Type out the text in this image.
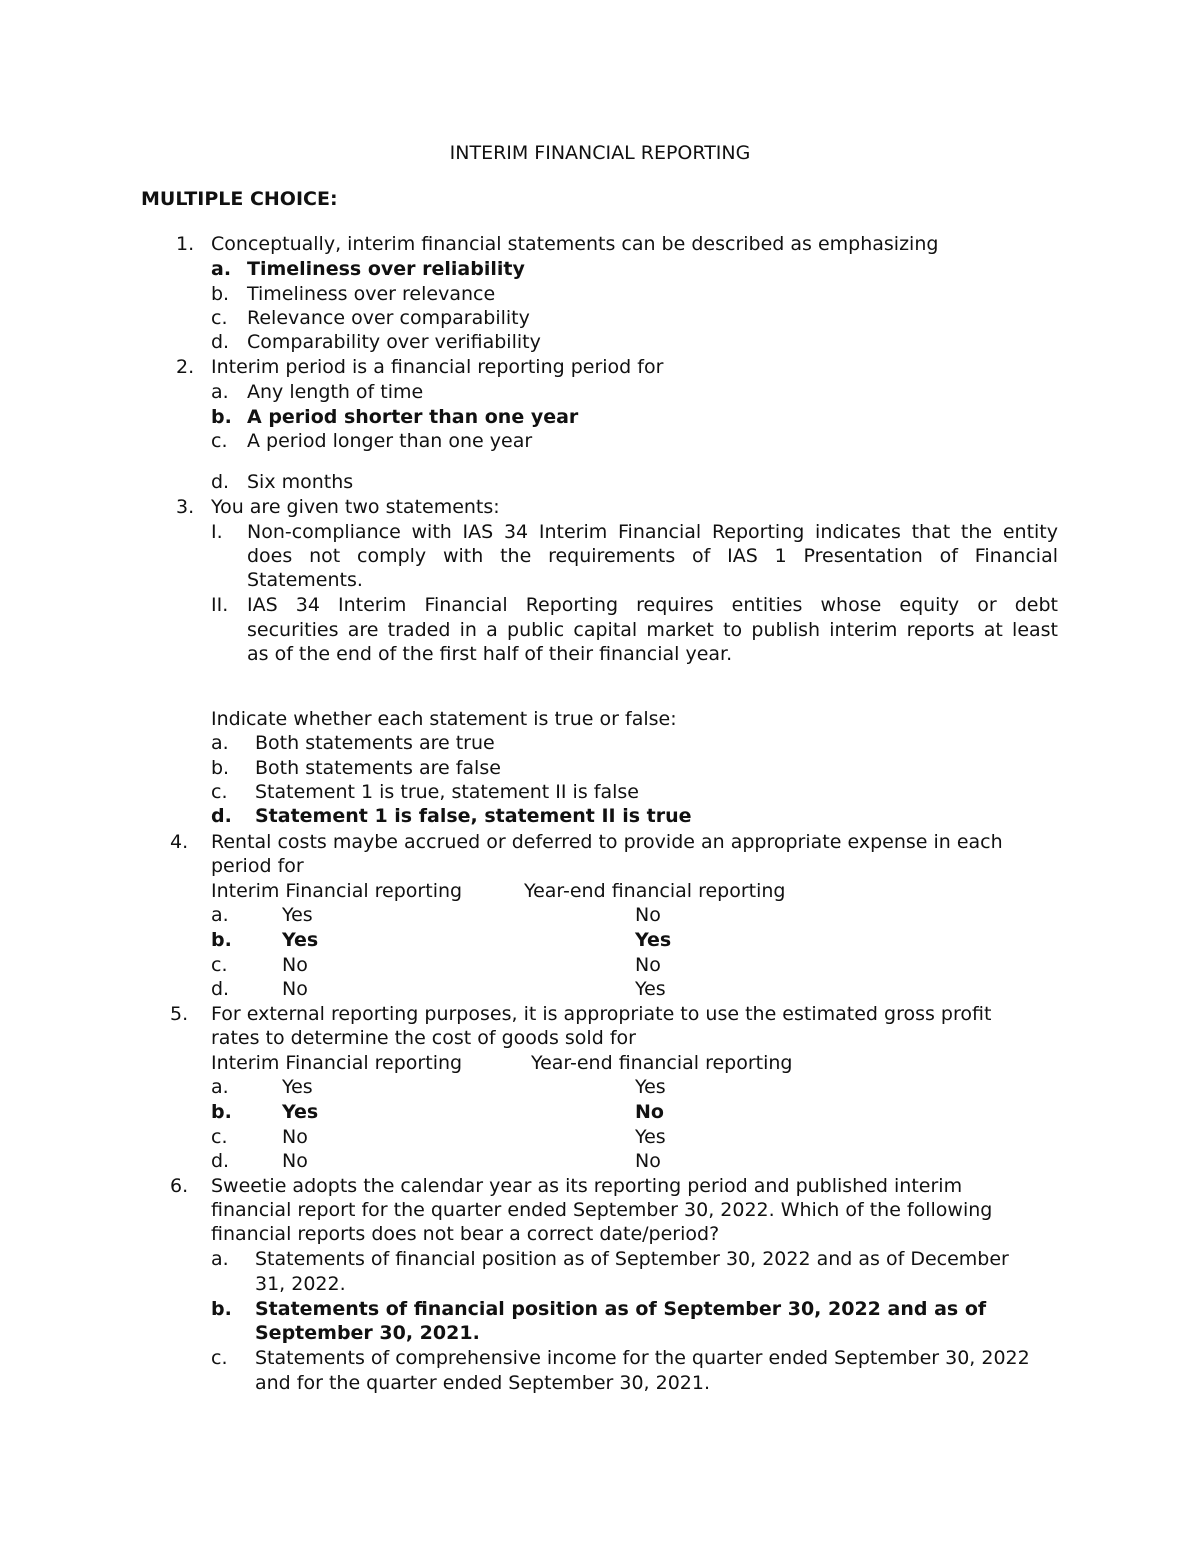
INTERIM FINANCIAL REPORTING
MULTIPLE CHOICE:
1. Conceptually, interim financial statements can be described as emphasizing
a. Timeliness over reliability
b. Timeliness over relevance
c. Relevance over comparability
d. Comparability over verifiability
2. Interim period is a financial reporting period for
a. Any length of time
b. A period shorter than one year
c. A period longer than one year
d. Six months
3. You are given two statements:
I. Non-compliance with IAS 34 Interim Financial Reporting indicates that the entity
does not comply with the requirements of IAS 1 Presentation of Financial
Statements.
II. IAS 34 Interim Financial Reporting requires entities whose equity or debt
securities are traded in a public capital market to publish interim reports at least
as of the end of the first half of their financial year.
Indicate whether each statement is true or false:
a. Both statements are true
b. Both statements are false
c. Statement 1 is true, statement II is false
d. Statement 1 is false, statement II is true
4. Rental costs maybe accrued or deferred to provide an appropriate expense in each
period for
Interim Financial reporting	Year-end financial reporting
a.	Yes	No
b.	Yes	Yes
c.	No	No
d.	No	Yes
5. For external reporting purposes, it is appropriate to use the estimated gross profit
rates to determine the cost of goods sold for
Interim Financial reporting	Year-end financial reporting
a.	Yes	Yes
b.	Yes	No
c.	No	Yes
d.	No	No
6. Sweetie adopts the calendar year as its reporting period and published interim
financial report for the quarter ended September 30, 2022. Which of the following
financial reports does not bear a correct date/period?
a. Statements of financial position as of September 30, 2022 and as of December
31, 2022.
b. Statements of financial position as of September 30, 2022 and as of
September 30, 2021.
c. Statements of comprehensive income for the quarter ended September 30, 2022
and for the quarter ended September 30, 2021.
